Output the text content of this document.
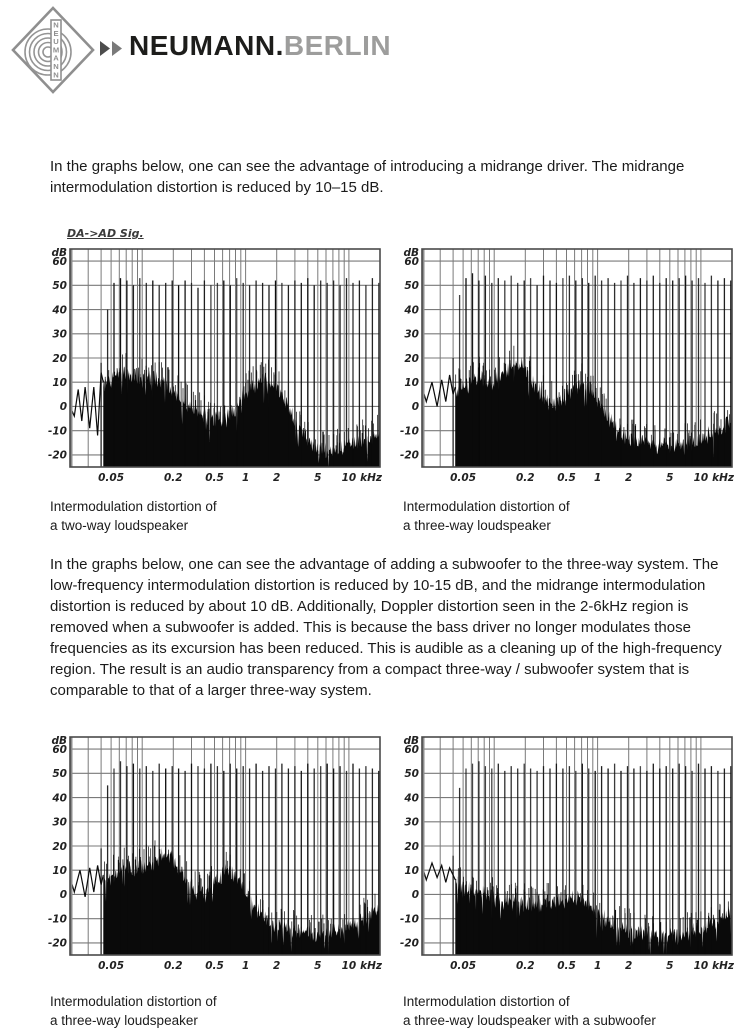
N
E
U
M
A
N
N
NEUMANN.BERLIN

In the graphs below, one can see the advantage of introducing a midrange driver. The midrange intermodulation distortion is reduced by 10–15 dB.

DA->AD Sig.
dB
60
50
40
30
20
10
0
-10
-20
0.05	0.2 0.5 1 2	5 10 kHz
dB
60
50
40
30
20
10
0
-10
-20
0.05	0.2 0.5 1 2	5 10 kHz
dB
60
50
40
30
20
10
0
-10
-20
0.05	0.2 0.5 1 2	5 10 kHz
dB
60
50
40
30
20
10
0
-10
-20
0.05	0.2 0.5 1 2	5 10 kHz
Intermodulation distortion of
a two-way loudspeaker
Intermodulation distortion of
a three-way loudspeaker

In the graphs below, one can see the advantage of adding a subwoofer to the three-way system. The low-frequency intermodulation distortion is reduced by 10-15 dB, and the midrange intermodulation distortion is reduced by about 10 dB. Additionally, Doppler distortion seen in the 2-6kHz region is removed when a subwoofer is added. This is because the bass driver no longer modulates those frequencies as its excursion has been reduced. This is audible as a cleaning up of the high-frequency region. The result is an audio transparency from a compact three-way / subwoofer system that is comparable to that of a larger three-way system.

Intermodulation distortion of
a three-way loudspeaker
Intermodulation distortion of
a three-way loudspeaker with a subwoofer
